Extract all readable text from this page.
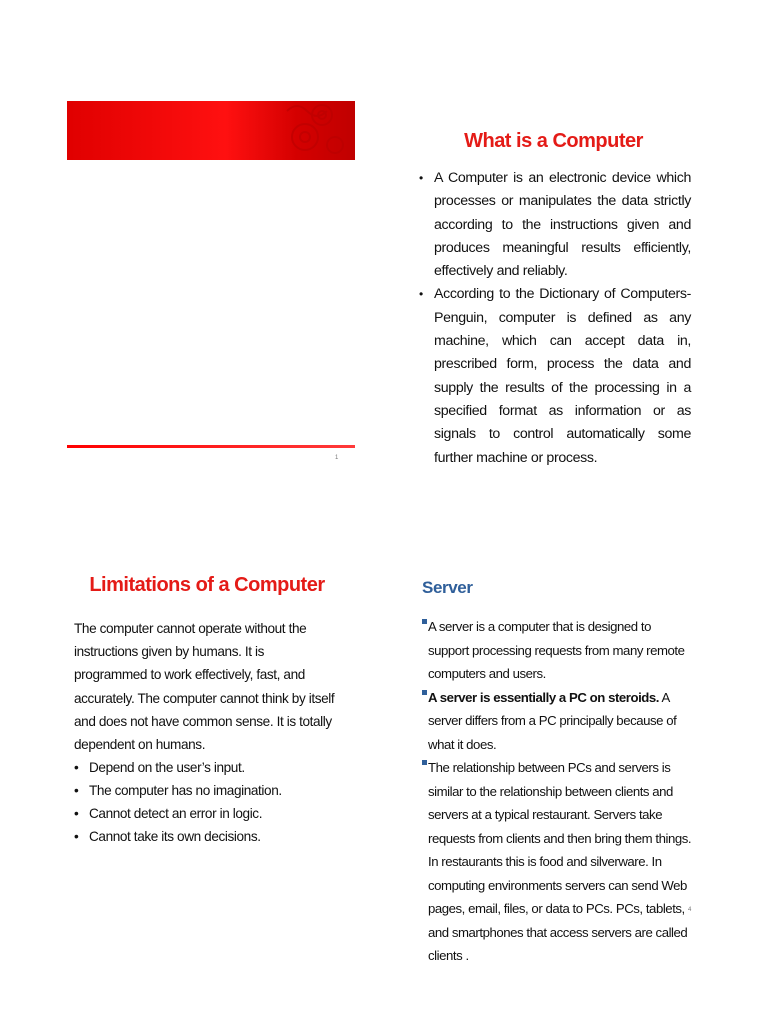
1
What is a Computer
• A Computer is an electronic device which processes or manipulates the data strictly according to the instructions given and produces meaningful results efficiently, effectively and reliably.
• According to the Dictionary of Computers-Penguin, computer is defined as any machine, which can accept data in, prescribed form, process the data and supply the results of the processing in a specified format as information or as signals to control automatically some further machine or process.
Limitations of a Computer

The computer cannot operate without the instructions given by humans. It is programmed to work effectively, fast, and accurately. The computer cannot think by itself and does not have common sense. It is totally dependent on humans.

• Depend on the user’s input.
• The computer has no imagination.
• Cannot detect an error in logic.
• Cannot take its own decisions.
Server

A server is a computer that is designed to support processing requests from many remote computers and users.

A server is essentially a PC on steroids. A server differs from a PC principally because of what it does.

The relationship between PCs and servers is similar to the relationship between clients and servers at a typical restaurant. Servers take requests from clients and then bring them things. In restaurants this is food and silverware. In computing environments servers can send Web pages, email, files, or data to PCs. PCs, tablets, and smartphones that access servers are called clients .

4
